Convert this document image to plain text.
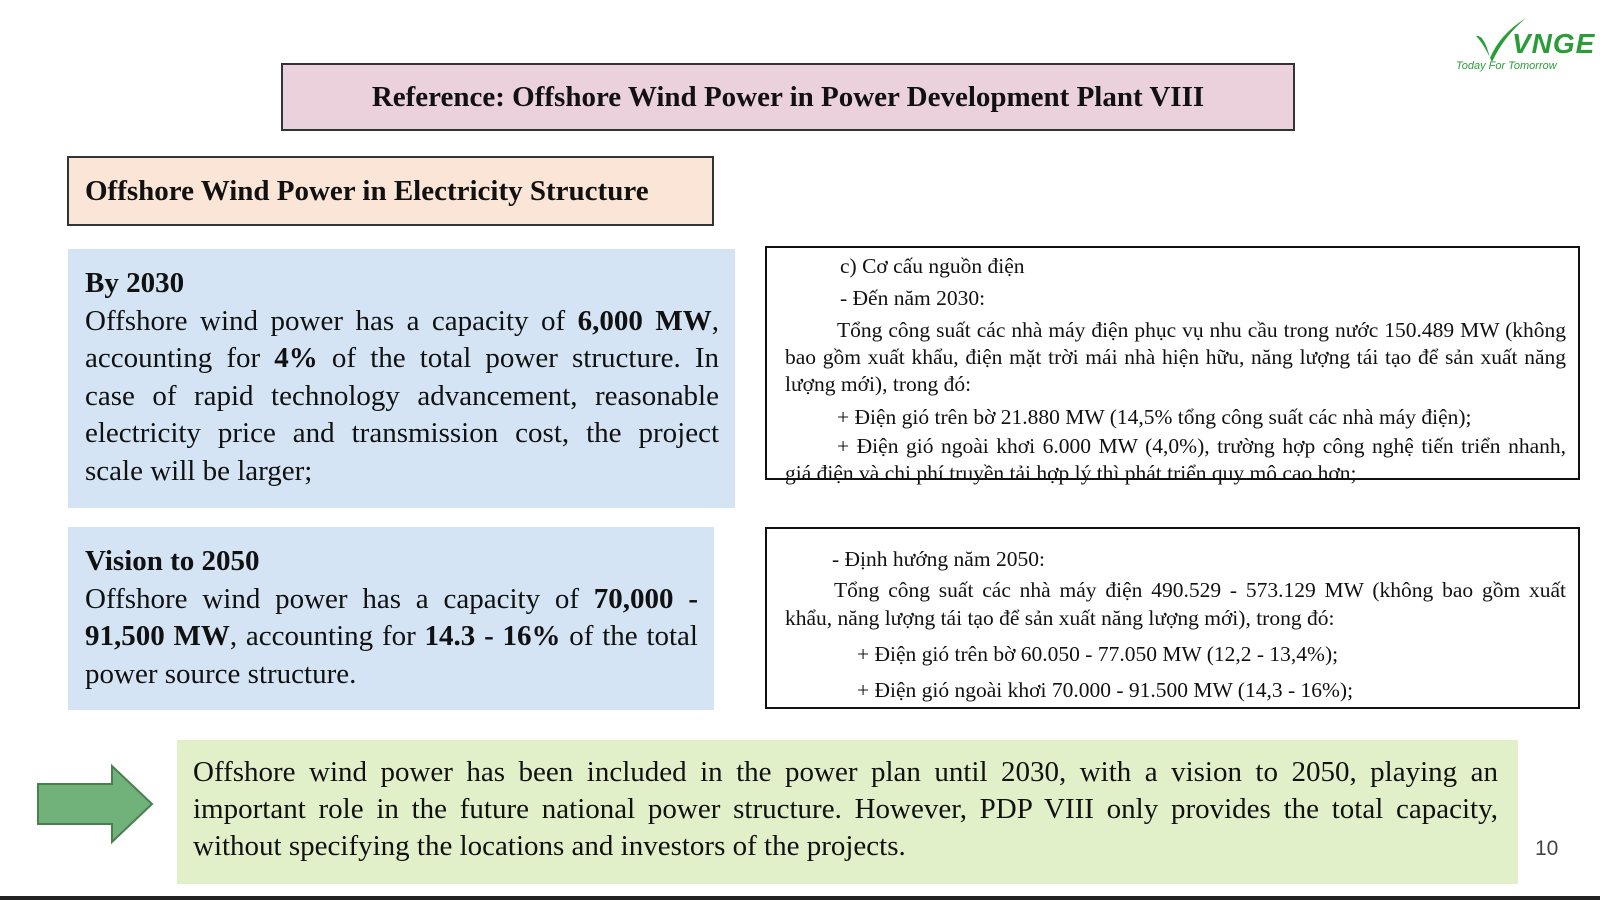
VNGE
Today For Tomorrow
Reference: Offshore Wind Power in Power Development Plant VIII
Offshore Wind Power in Electricity Structure
By 2030
Offshore wind power has a capacity of 6,000 MW, accounting for 4% of the total power structure. In case of rapid technology advancement, reasonable electricity price and transmission cost, the project scale will be larger;
Vision to 2050
Offshore wind power has a capacity of 70,000 - 91,500 MW, accounting for 14.3 - 16% of the total power source structure.

c) Cơ cấu nguồn điện

- Đến năm 2030:

Tổng công suất các nhà máy điện phục vụ nhu cầu trong nước 150.489 MW (không bao gồm xuất khẩu, điện mặt trời mái nhà hiện hữu, năng lượng tái tạo để sản xuất năng lượng mới), trong đó:

+ Điện gió trên bờ 21.880 MW (14,5% tổng công suất các nhà máy điện);

+ Điện gió ngoài khơi 6.000 MW (4,0%), trường hợp công nghệ tiến triển nhanh, giá điện và chi phí truyền tải hợp lý thì phát triển quy mô cao hơn;

- Định hướng năm 2050:

Tổng công suất các nhà máy điện 490.529 - 573.129 MW (không bao gồm xuất khẩu, năng lượng tái tạo để sản xuất năng lượng mới), trong đó:

+ Điện gió trên bờ 60.050 - 77.050 MW (12,2 - 13,4%);

+ Điện gió ngoài khơi 70.000 - 91.500 MW (14,3 - 16%);

Offshore wind power has been included in the power plan until 2030, with a vision to 2050, playing an important role in the future national power structure. However, PDP VIII only provides the total capacity, without specifying the locations and investors of the projects.	10
